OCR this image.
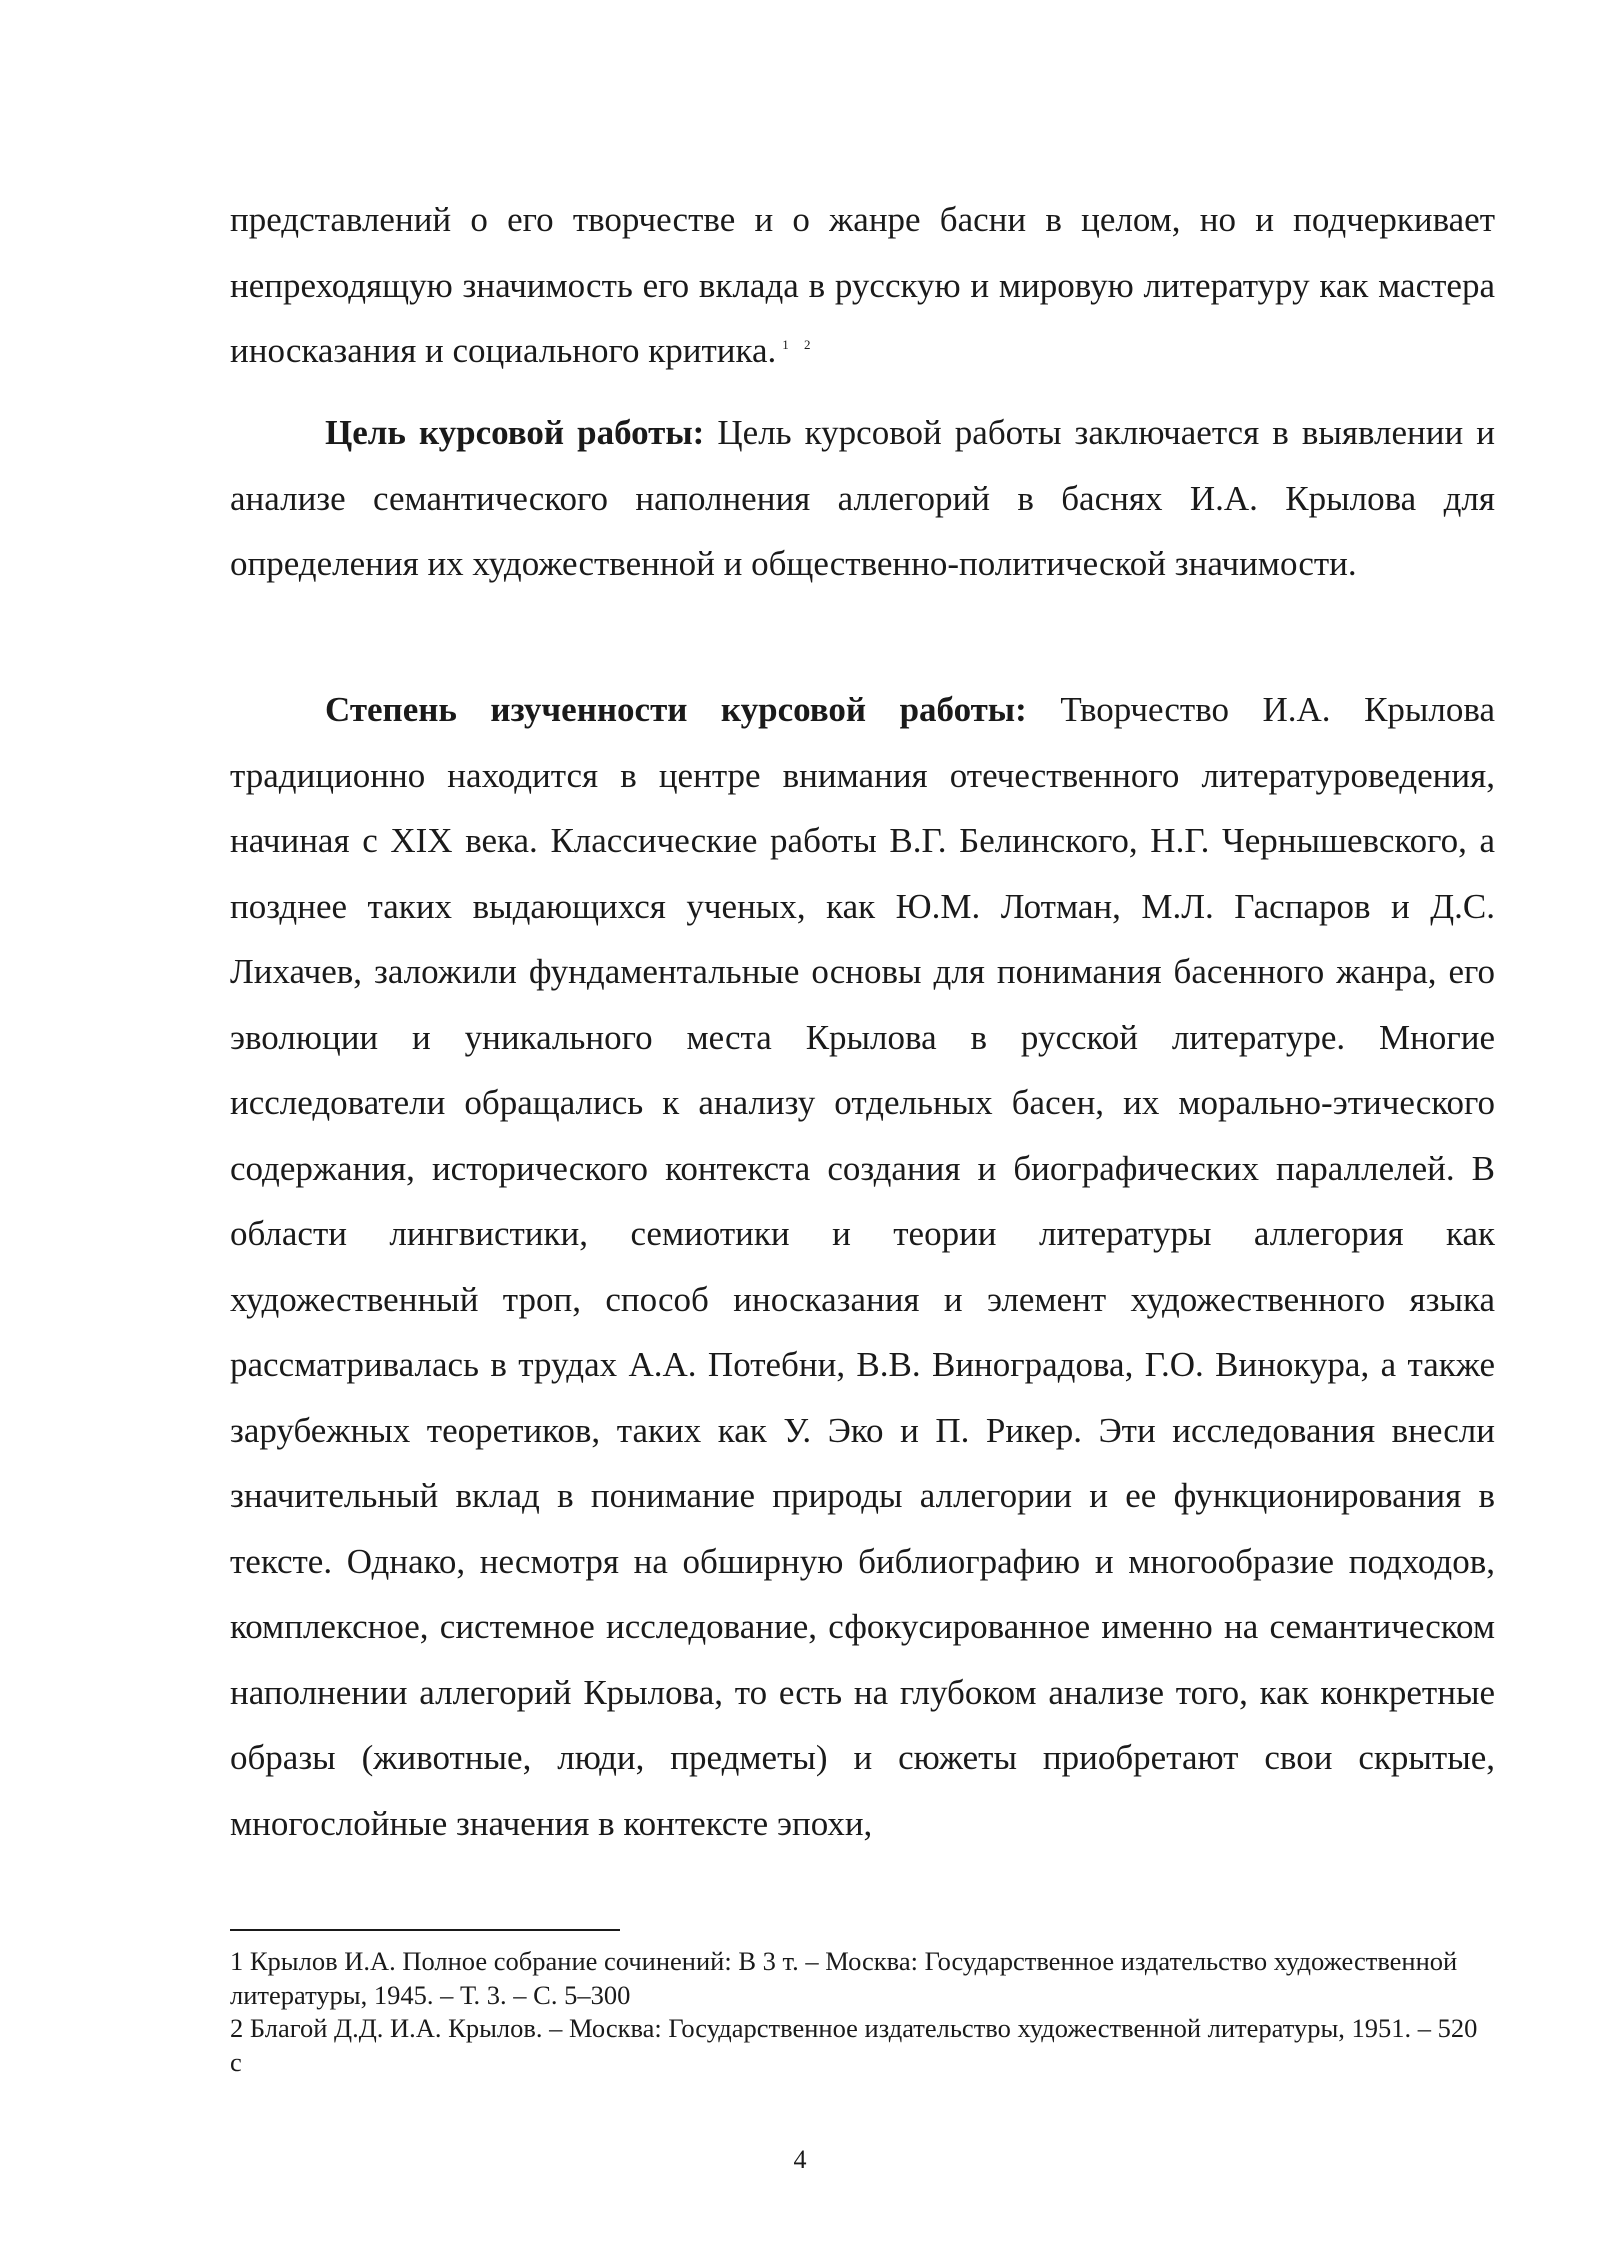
представлений о его творчестве и о жанре басни в целом, но и подчеркивает непреходящую значимость его вклада в русскую и мировую литературу как мастера иносказания и социального критика. $^{1 2}$

Цель курсовой работы: Цель курсовой работы заключается в выявлении и анализе семантического наполнения аллегорий в баснях И.А. Крылова для определения их художественной и общественно-политической значимости.

Степень изученности курсовой работы: Творчество И.А. Крылова традиционно находится в центре внимания отечественного литературоведения, начиная с XIX века. Классические работы В.Г. Белинского, Н.Г. Чернышевского, а позднее таких выдающихся ученых, как Ю.М. Лотман, М.Л. Гаспаров и Д.С. Лихачев, заложили фундаментальные основы для понимания басенного жанра, его эволюции и уникального места Крылова в русской литературе. Многие исследователи обращались к анализу отдельных басен, их морально-этического содержания, исторического контекста создания и биографических параллелей. В области лингвистики, семиотики и теории литературы аллегория как художественный троп, способ иносказания и элемент художественного языка рассматривалась в трудах А.А. Потебни, В.В. Виноградова, Г.О. Винокура, а также зарубежных теоретиков, таких как У. Эко и П. Рикер. Эти исследования внесли значительный вклад в понимание природы аллегории и ее функционирования в тексте. Однако, несмотря на обширную библиографию и многообразие подходов, комплексное, системное исследование, сфокусированное именно на семантическом наполнении аллегорий Крылова, то есть на глубоком анализе того, как конкретные образы (животные, люди, предметы) и сюжеты приобретают свои скрытые, многослойные значения в контексте эпохи,

1 Крылов И.А. Полное собрание сочинений: В 3 т. – Москва: Государственное издательство художественной литературы, 1945. – Т. 3. – С. 5–300

2 Благой Д.Д. И.А. Крылов. – Москва: Государственное издательство художественной литературы, 1951. – 520 с

4
